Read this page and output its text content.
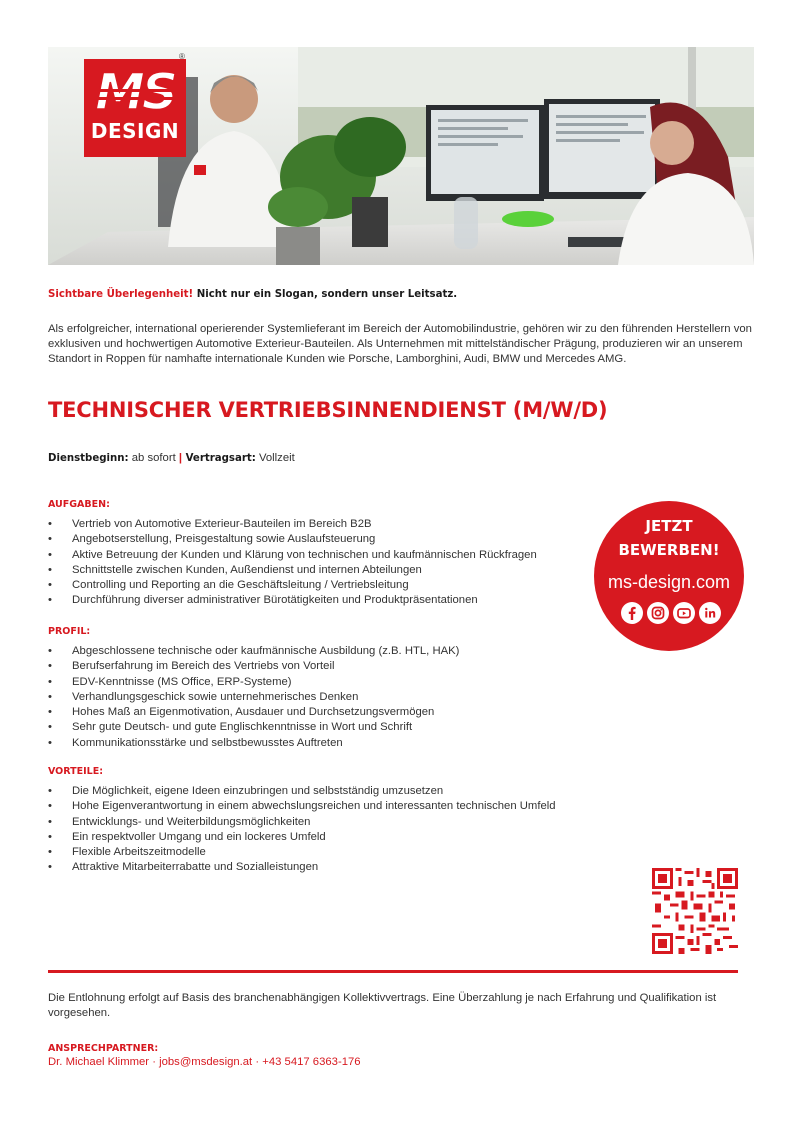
DESIGN
®
Sichtbare Überlegenheit! Nicht nur ein Slogan, sondern unser Leitsatz.

Als erfolgreicher, international operierender Systemlieferant im Bereich der Automobilindustrie, gehören wir zu den führenden Herstellern von exklusiven und hochwertigen Automotive Exterieur-Bauteilen. Als Unternehmen mit mittelständischer Prägung, produzieren wir an unserem Standort in Roppen für namhafte internationale Kunden wie Porsche, Lamborghini, Audi, BMW und Mercedes AMG.

TECHNISCHER VERTRIEBSINNENDIENST (M/W/D)
Dienstbeginn: ab sofort | Vertragsart: Vollzeit
AUFGABEN:
• Vertrieb von Automotive Exterieur-Bauteilen im Bereich B2B
• Angebotserstellung, Preisgestaltung sowie Auslaufsteuerung
• Aktive Betreuung der Kunden und Klärung von technischen und kaufmännischen Rückfragen
• Schnittstelle zwischen Kunden, Außendienst und internen Abteilungen
• Controlling und Reporting an die Geschäftsleitung / Vertriebsleitung
• Durchführung diverser administrativer Bürotätigkeiten und Produktpräsentationen
PROFIL:
• Abgeschlossene technische oder kaufmännische Ausbildung (z.B. HTL, HAK)
• Berufserfahrung im Bereich des Vertriebs von Vorteil
• EDV-Kenntnisse (MS Office, ERP-Systeme)
• Verhandlungsgeschick sowie unternehmerisches Denken
• Hohes Maß an Eigenmotivation, Ausdauer und Durchsetzungsvermögen
• Sehr gute Deutsch- und gute Englischkenntnisse in Wort und Schrift
• Kommunikationsstärke und selbstbewusstes Auftreten
VORTEILE:
• Die Möglichkeit, eigene Ideen einzubringen und selbstständig umzusetzen
• Hohe Eigenverantwortung in einem abwechslungsreichen und interessanten technischen Umfeld
• Entwicklungs- und Weiterbildungsmöglichkeiten
• Ein respektvoller Umgang und ein lockeres Umfeld
• Flexible Arbeitszeitmodelle
• Attraktive Mitarbeiterrabatte und Sozialleistungen
JETZT
BEWERBEN!
ms-design.com

Die Entlohnung erfolgt auf Basis des branchenabhängigen Kollektivvertrags. Eine Überzahlung je nach Erfahrung und Qualifikation ist vorgesehen.

ANSPRECHPARTNER:
Dr. Michael Klimmer · jobs@msdesign.at · +43 5417 6363-176
